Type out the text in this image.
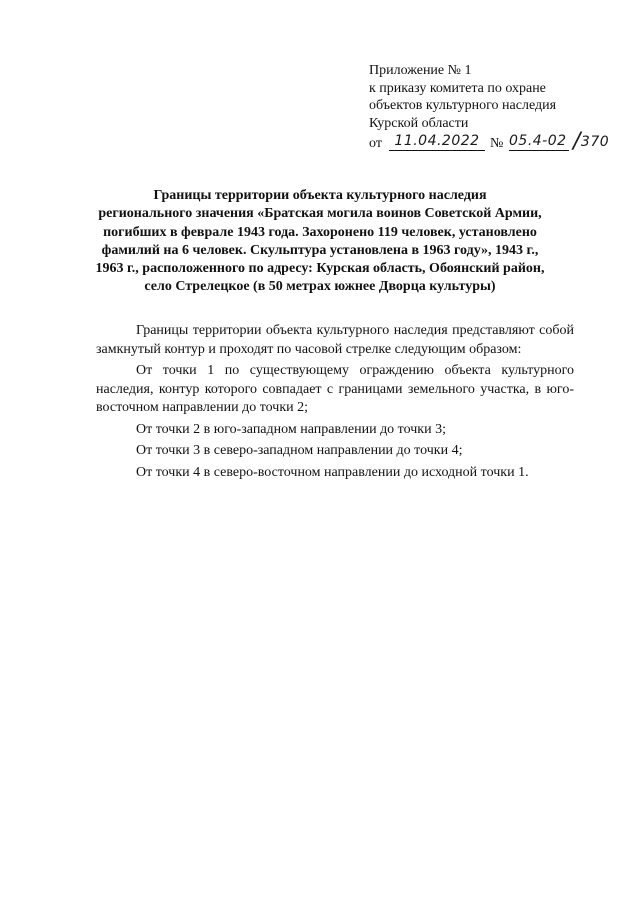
Приложение № 1
к приказу комитета по охране
объектов культурного наследия
Курской области
от 11.04.2022 № 05.4-02 /370
Границы территории объекта культурного наследия
регионального значения «Братская могила воинов Советской Армии,
погибших в феврале 1943 года. Захоронено 119 человек, установлено
фамилий на 6 человек. Скульптура установлена в 1963 году», 1943 г.,
1963 г., расположенного по адресу: Курская область, Обоянский район,
село Стрелецкое (в 50 метрах южнее Дворца культуры)

Границы территории объекта культурного наследия представляют собой замкнутый контур и проходят по часовой стрелке следующим образом:

От точки 1 по существующему ограждению объекта культурного наследия, контур которого совпадает с границами земельного участка, в юго-восточном направлении до точки 2;

От точки 2 в юго-западном направлении до точки 3;

От точки 3 в северо-западном направлении до точки 4;

От точки 4 в северо-восточном направлении до исходной точки 1.
